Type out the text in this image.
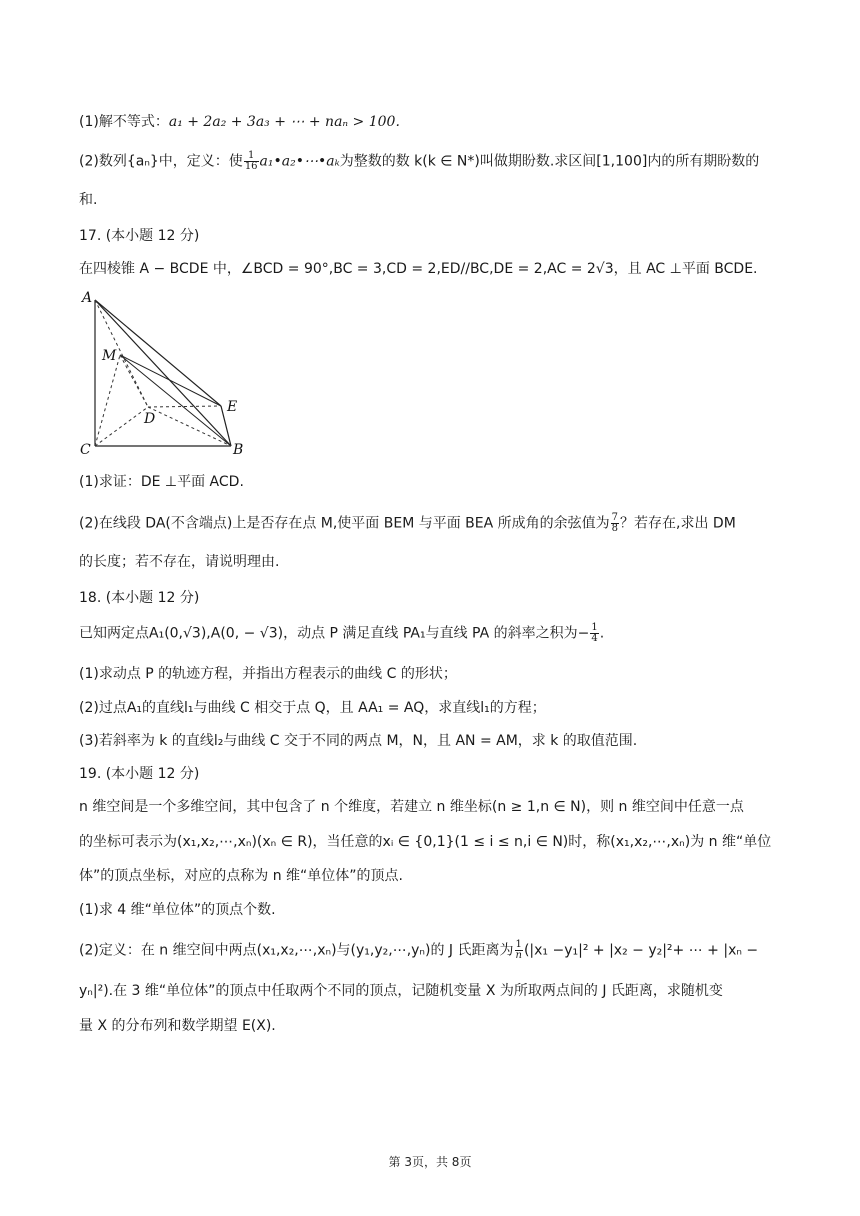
(1)解不等式：a₁ + 2a₂ + 3a₃ + ⋯ + naₙ > 100.
(2)数列{aₙ}中，定义：使 $\frac{1}{16}$ a₁•a₂•⋯•aₖ为整数的数 k(k ∈ N*)叫做期盼数.求区间[1,100]内的所有期盼数的
和.
17. (本小题 12 分)
在四棱锥 A − BCDE 中，∠BCD = 90°,BC = 3,CD = 2,ED//BC,DE = 2,AC = 2√3，且 AC ⊥平面 BCDE.
A
M
D
E
C	B
(1)求证：DE ⊥平面 ACD.
(2)在线段 DA(不含端点)上是否存在点 M,使平面 BEM 与平面 BEA 所成角的余弦值为 $\frac{7}{8}$ ？若存在,求出 DM
的长度；若不存在，请说明理由.
18. (本小题 12 分)
已知两定点A₁(0,√3),A(0, − √3)，动点 P 满足直线 PA₁与直线 PA 的斜率之积为− $\frac{1}{4}$ .
(1)求动点 P 的轨迹方程，并指出方程表示的曲线 C 的形状；
(2)过点A₁的直线l₁与曲线 C 相交于点 Q，且 AA₁ = AQ，求直线l₁的方程；
(3)若斜率为 k 的直线l₂与曲线 C 交于不同的两点 M，N，且 AN = AM，求 k 的取值范围.
19. (本小题 12 分)
n 维空间是一个多维空间，其中包含了 n 个维度，若建立 n 维坐标(n ≥ 1,n ∈ N)，则 n 维空间中任意一点
的坐标可表示为(x₁,x₂,⋯,xₙ)(xₙ ∈ R)，当任意的xᵢ ∈ {0,1}(1 ≤ i ≤ n,i ∈ N)时，称(x₁,x₂,⋯,xₙ)为 n 维“单位
体”的顶点坐标，对应的点称为 n 维“单位体”的顶点.
(1)求 4 维“单位体”的顶点个数.
(2)定义：在 n 维空间中两点(x₁,x₂,⋯,xₙ)与(y₁,y₂,⋯,yₙ)的 J 氏距离为 $\frac{1}{n} (|x_1 -y_1|^2 + |x_2 - y_2|^2+$ ⋯ + |xₙ −
yₙ|²).在 3 维“单位体”的顶点中任取两个不同的顶点，记随机变量 X 为所取两点间的 J 氏距离，求随机变
量 X 的分布列和数学期望 E(X).
第 3页，共 8页
